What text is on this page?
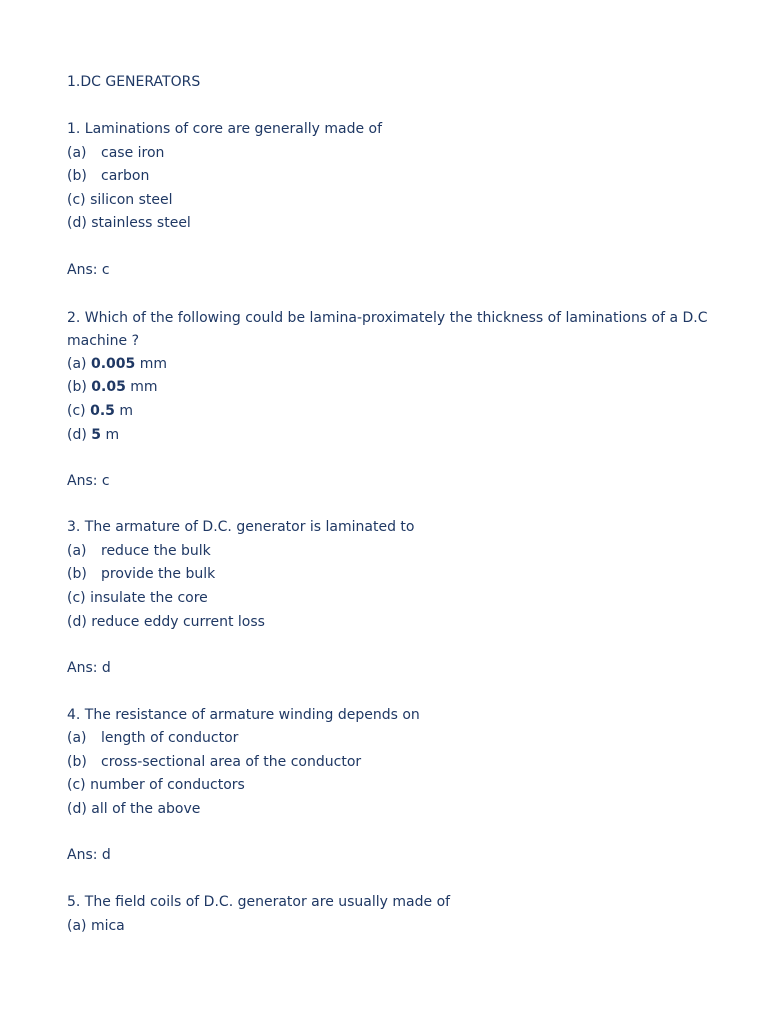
1.DC GENERATORS
1. Laminations of core are generally made of
(a) case iron
(b) carbon
(c) silicon steel
(d) stainless steel
Ans: c
2. Which of the following could be lamina-proximately the thickness of laminations of a D.C machine ?
(a) 0.005 mm
(b) 0.05 mm
(c) 0.5 m
(d) 5 m
Ans: c
3. The armature of D.C. generator is laminated to
(a) reduce the bulk
(b) provide the bulk
(c) insulate the core
(d) reduce eddy current loss
Ans: d
4. The resistance of armature winding depends on
(a) length of conductor
(b) cross-sectional area of the conductor
(c) number of conductors
(d) all of the above
Ans: d
5. The field coils of D.C. generator are usually made of
(a) mica
